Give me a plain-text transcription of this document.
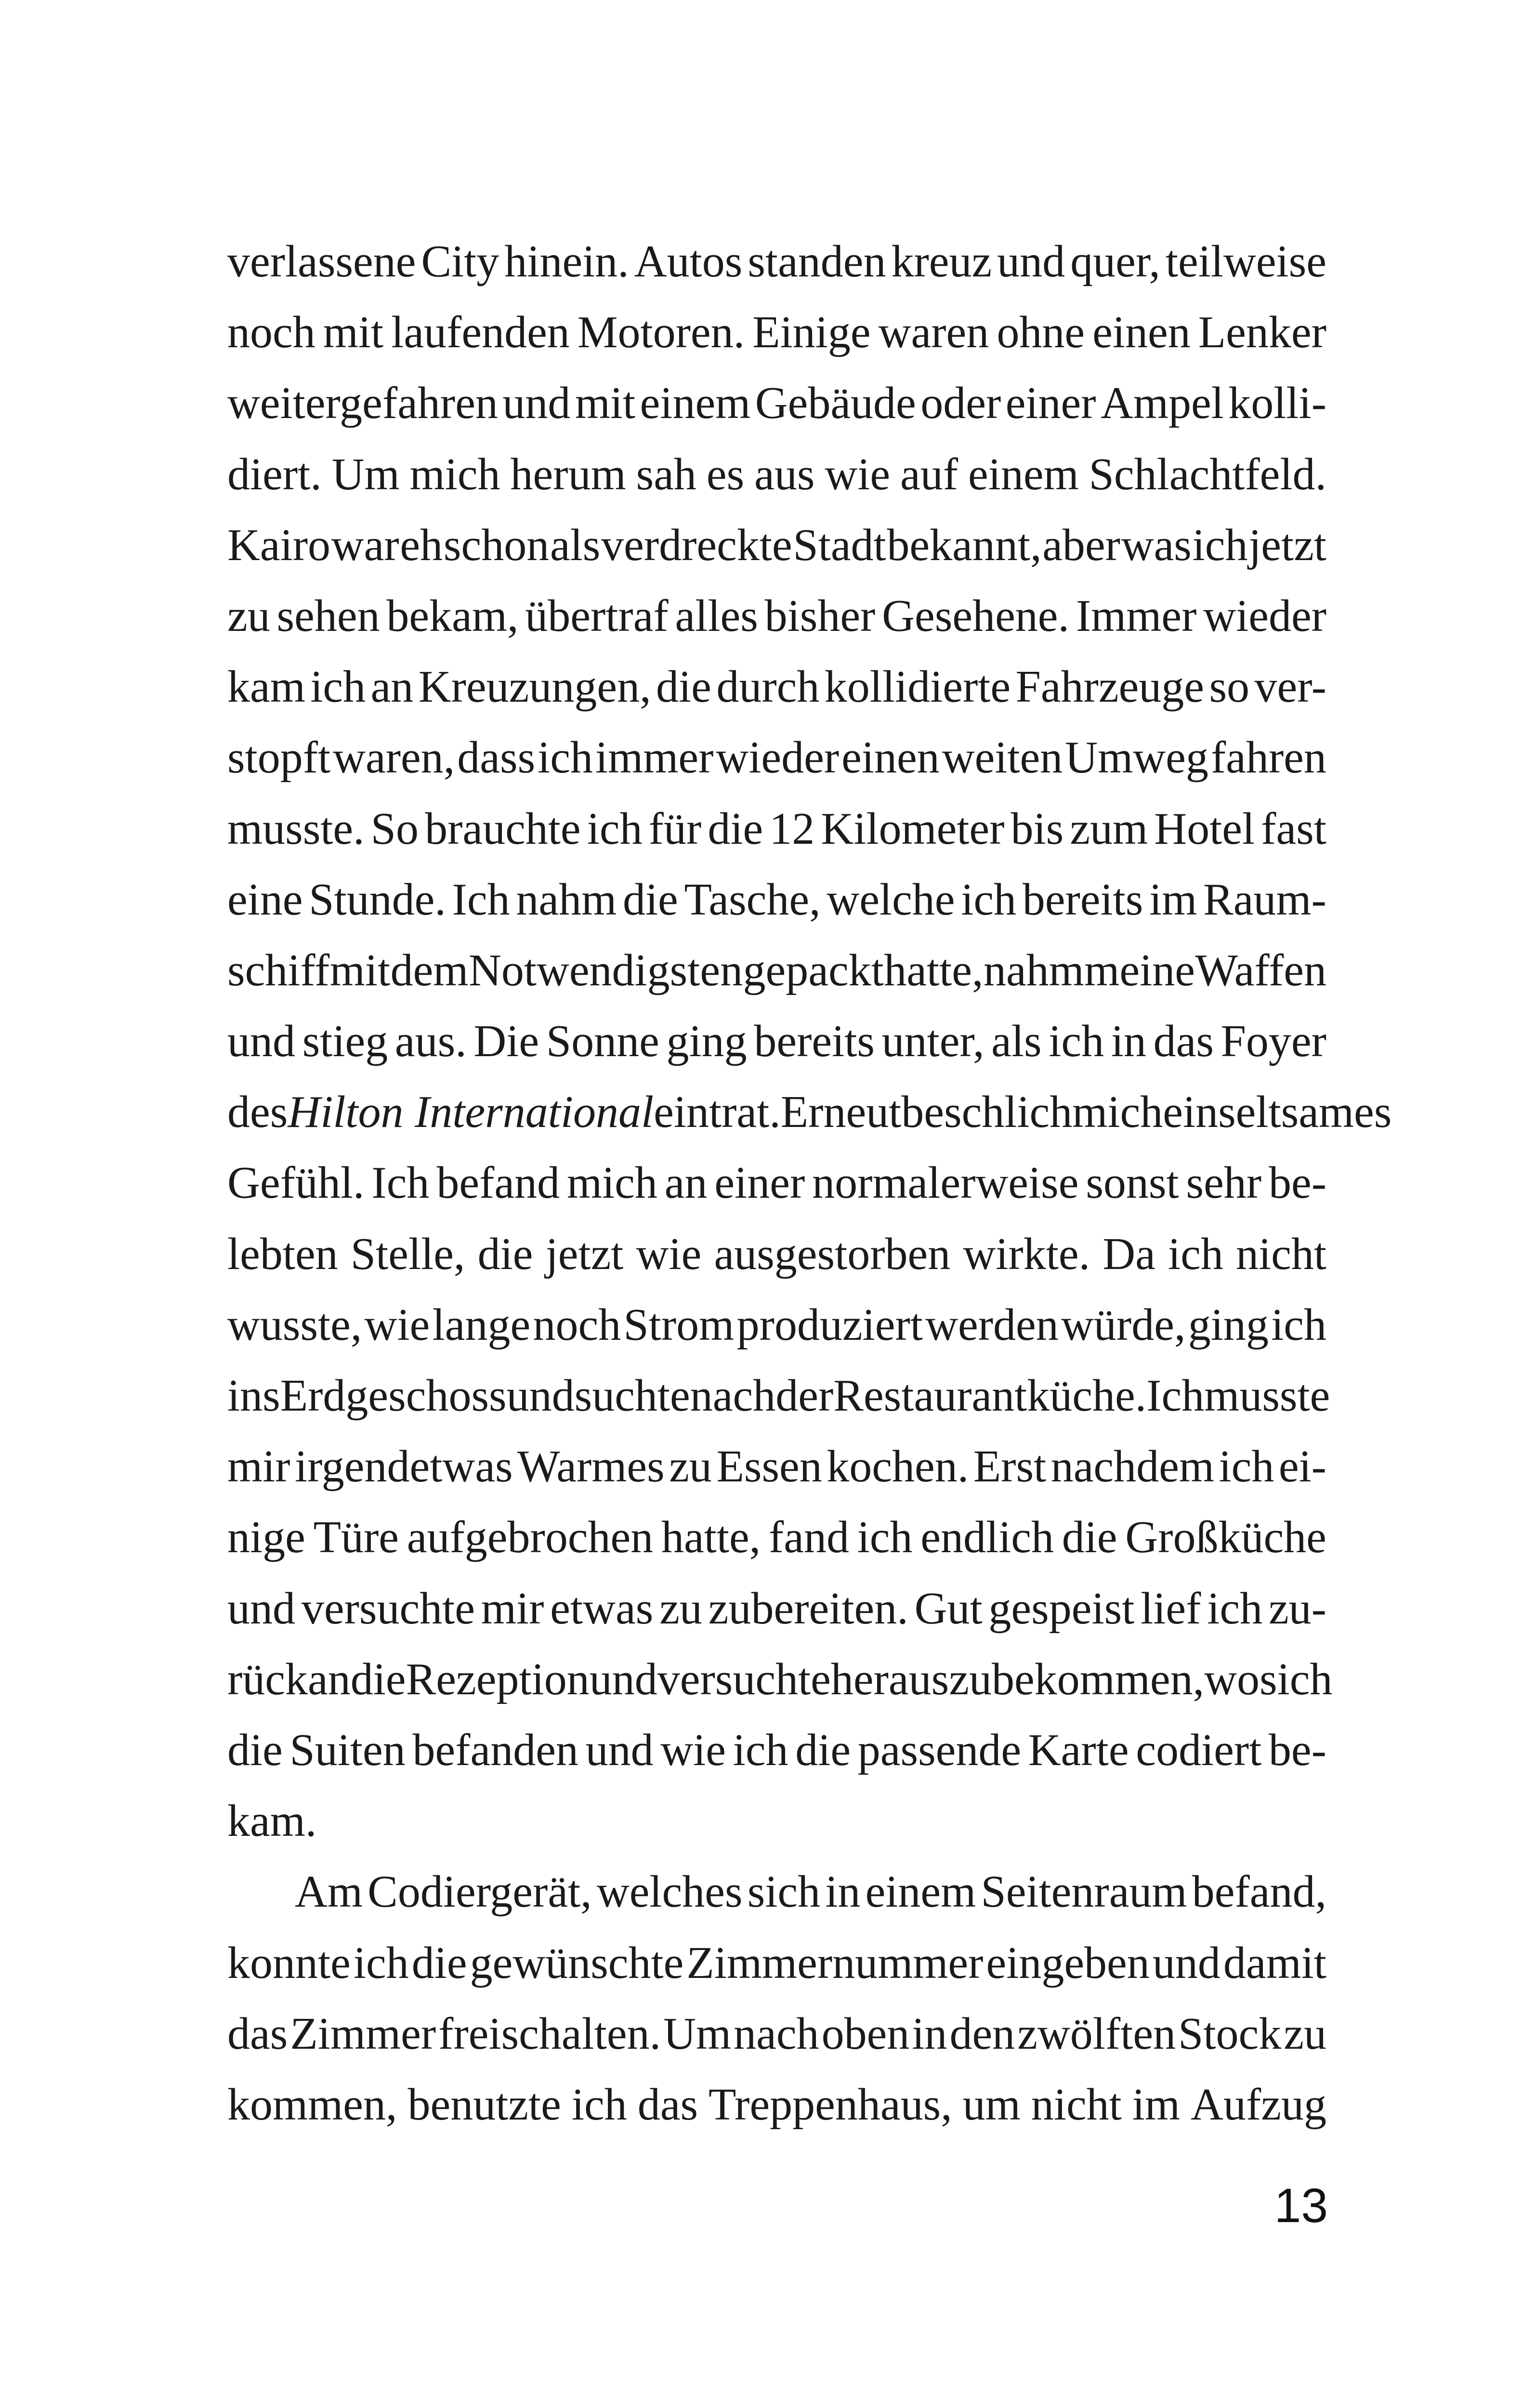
verlassene City hinein. Autos standen kreuz und quer, teilweise
noch mit laufenden Motoren. Einige waren ohne einen Lenker
weitergefahren und mit einem Gebäude oder einer Ampel kolli-
diert. Um mich herum sah es aus wie auf einem Schlachtfeld.
Kairo war eh schon als verdreckte Stadt bekannt, aber was ich jetzt
zu sehen bekam, übertraf alles bisher Gesehene. Immer wieder
kam ich an Kreuzungen, die durch kollidierte Fahrzeuge so ver-
stopft waren, dass ich immer wieder einen weiten Umweg fahren
musste. So brauchte ich für die 12 Kilometer bis zum Hotel fast
eine Stunde. Ich nahm die Tasche, welche ich bereits im Raum-
schiff mit dem Notwendigsten gepackt hatte, nahm meine Waffen
und stieg aus. Die Sonne ging bereits unter, als ich in das Foyer
des Hilton International eintrat. Erneut beschlich mich ein seltsames
Gefühl. Ich befand mich an einer normalerweise sonst sehr be-
lebten Stelle, die jetzt wie ausgestorben wirkte. Da ich nicht
wusste, wie lange noch Strom produziert werden würde, ging ich
ins Erdgeschoss und suchte nach der Restaurantküche. Ich musste
mir irgendetwas Warmes zu Essen kochen. Erst nachdem ich ei-
nige Türe aufgebrochen hatte, fand ich endlich die Großküche
und versuchte mir etwas zu zubereiten. Gut gespeist lief ich zu-
rück an die Rezeption und versuchte herauszubekommen, wo sich
die Suiten befanden und wie ich die passende Karte codiert be-
kam.
Am Codiergerät, welches sich in einem Seitenraum befand,
konnte ich die gewünschte Zimmernummer eingeben und damit
das Zimmer freischalten. Um nach oben in den zwölften Stock zu
kommen, benutzte ich das Treppenhaus, um nicht im Aufzug
13
